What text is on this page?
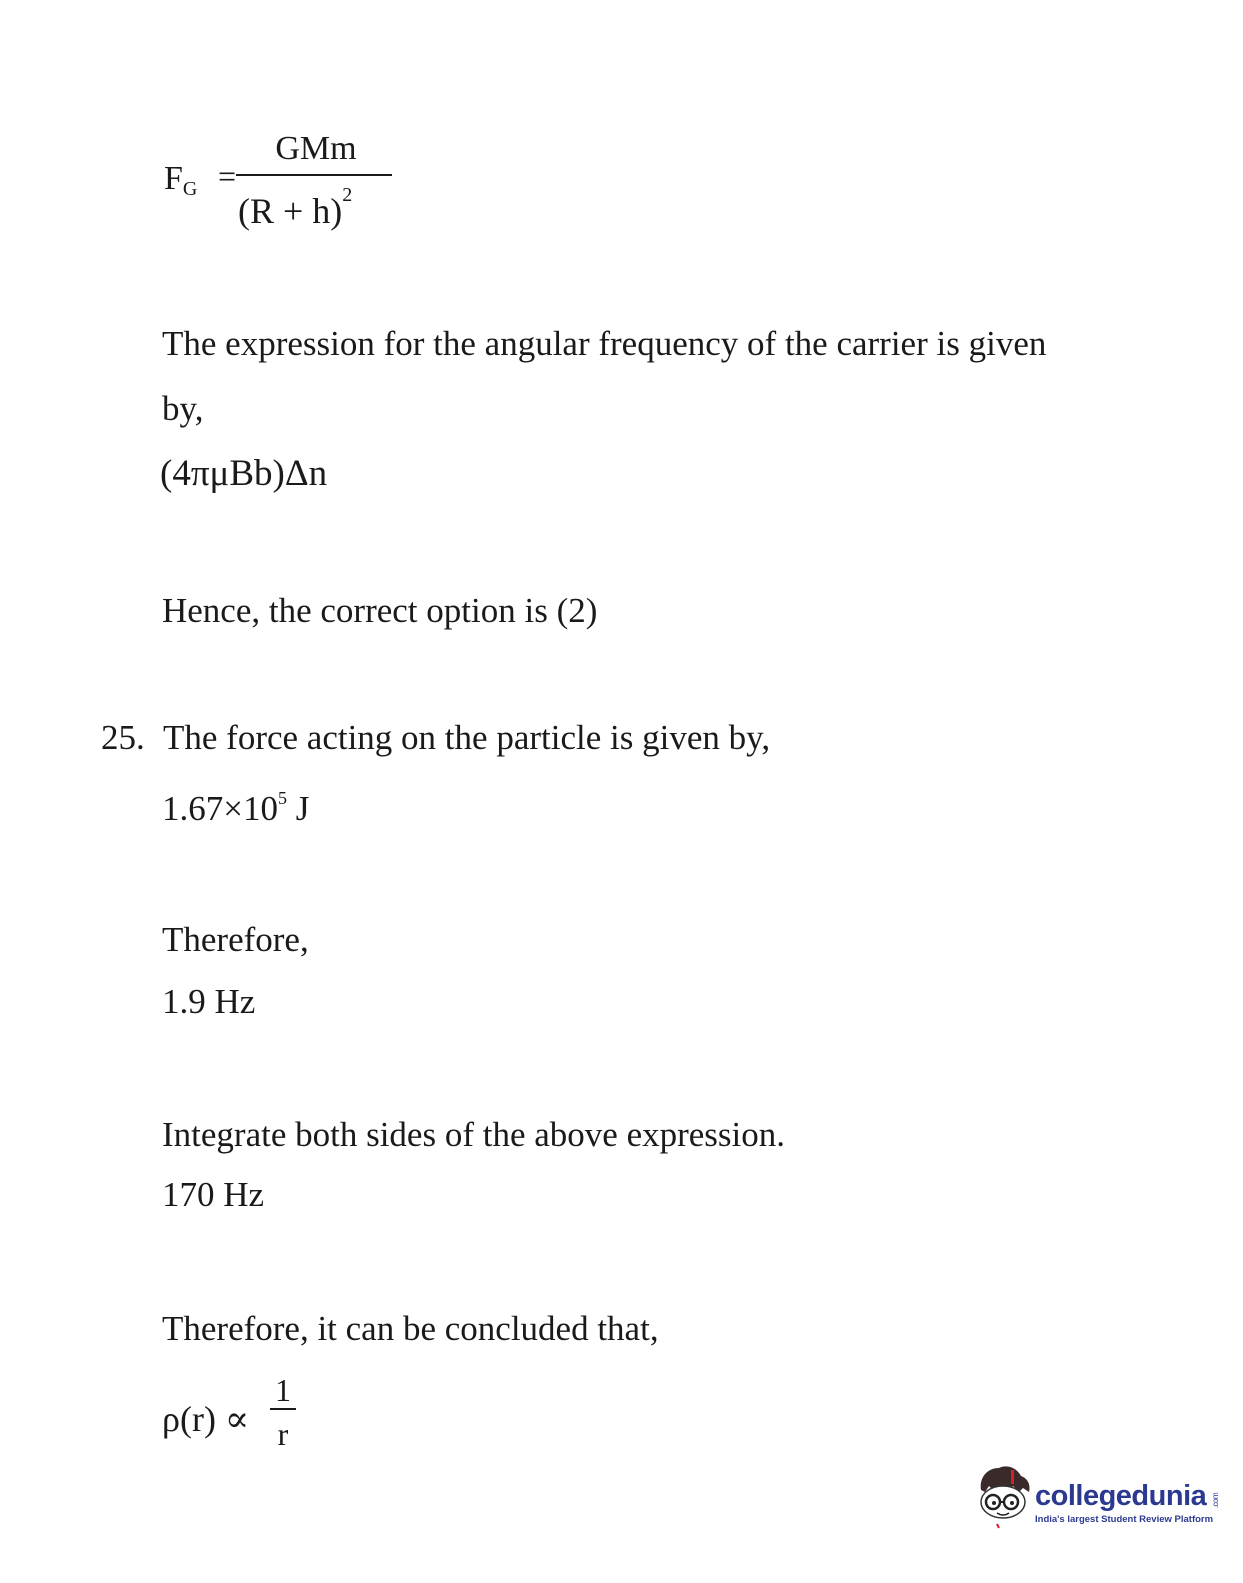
$F_G$ =
GMm
$(R + h)^2$
The expression for the angular frequency of the carrier is given
by,
(4πμBb)Δn
Hence, the correct option is (2)
25. The force acting on the particle is given by,
$1.67\times 10^5$ J
Therefore,
1.9 Hz
Integrate both sides of the above expression.
170 Hz
Therefore, it can be concluded that,
ρ(r) ∝
1
r
collegedunia .com
India's largest Student Review Platform
